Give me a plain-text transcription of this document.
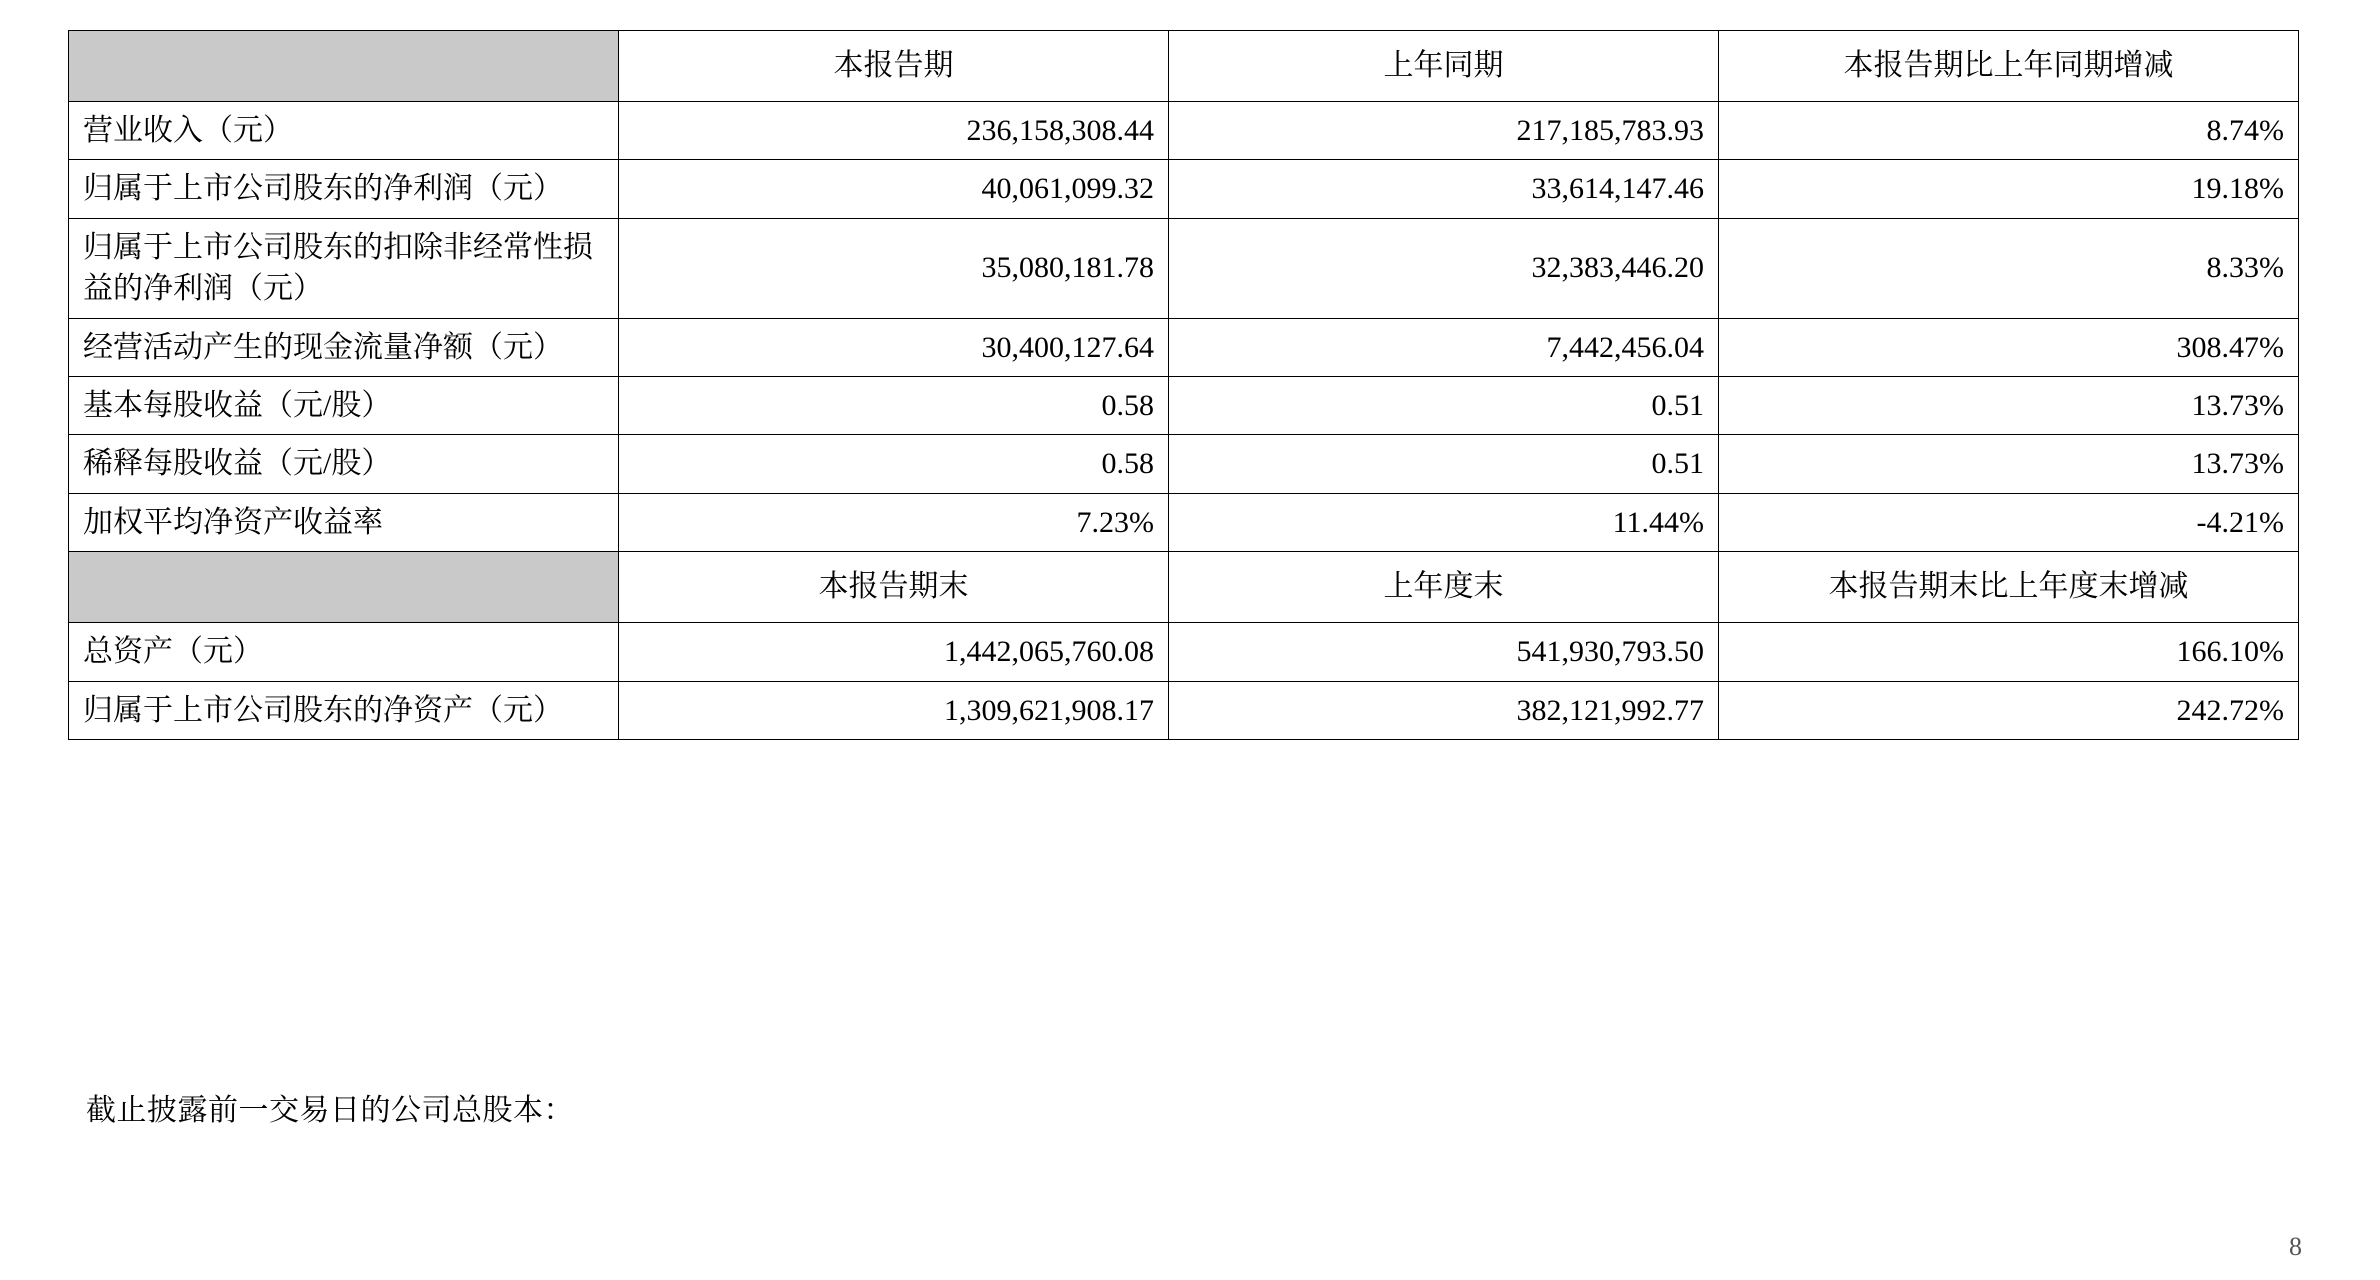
	本报告期	上年同期	本报告期比上年同期增减
营业收入（元）	236,158,308.44	217,185,783.93	8.74%
归属于上市公司股东的净利润（元）	40,061,099.32	33,614,147.46	19.18%
归属于上市公司股东的扣除非经常性损益的净利润（元）	35,080,181.78	32,383,446.20	8.33%
经营活动产生的现金流量净额（元）	30,400,127.64	7,442,456.04	308.47%
基本每股收益（元/股）	0.58	0.51	13.73%
稀释每股收益（元/股）	0.58	0.51	13.73%
加权平均净资产收益率	7.23%	11.44%	-4.21%
	本报告期末	上年度末	本报告期末比上年度末增减
总资产（元）	1,442,065,760.08	541,930,793.50	166.10%
归属于上市公司股东的净资产（元）	1,309,621,908.17	382,121,992.77	242.72%
截止披露前一交易日的公司总股本：
8
